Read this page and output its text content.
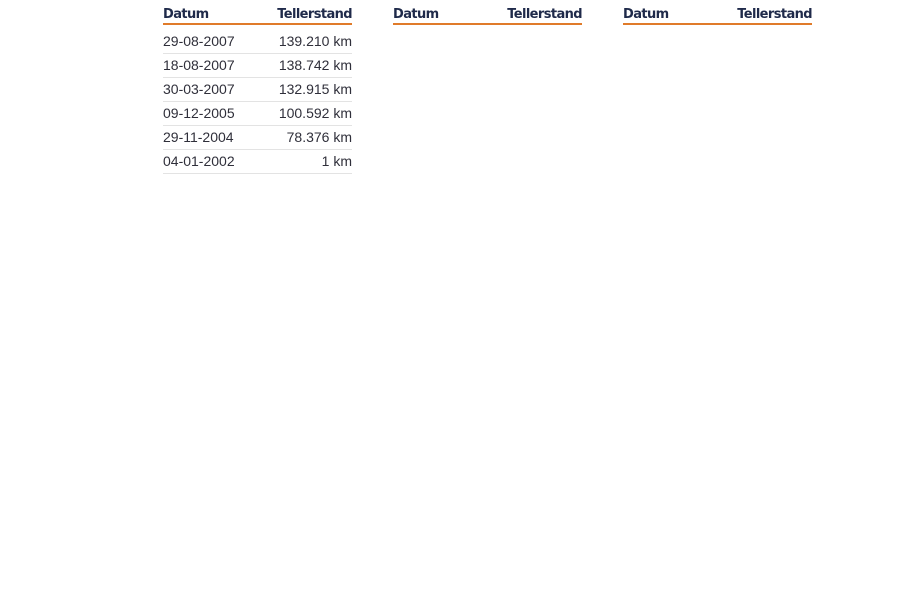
Datum	Tellerstand
29-08-2007	139.210 km
18-08-2007	138.742 km
30-03-2007	132.915 km
09-12-2005	100.592 km
29-11-2004	78.376 km
04-01-2002	1 km
Datum	Tellerstand	Datum	Tellerstand
